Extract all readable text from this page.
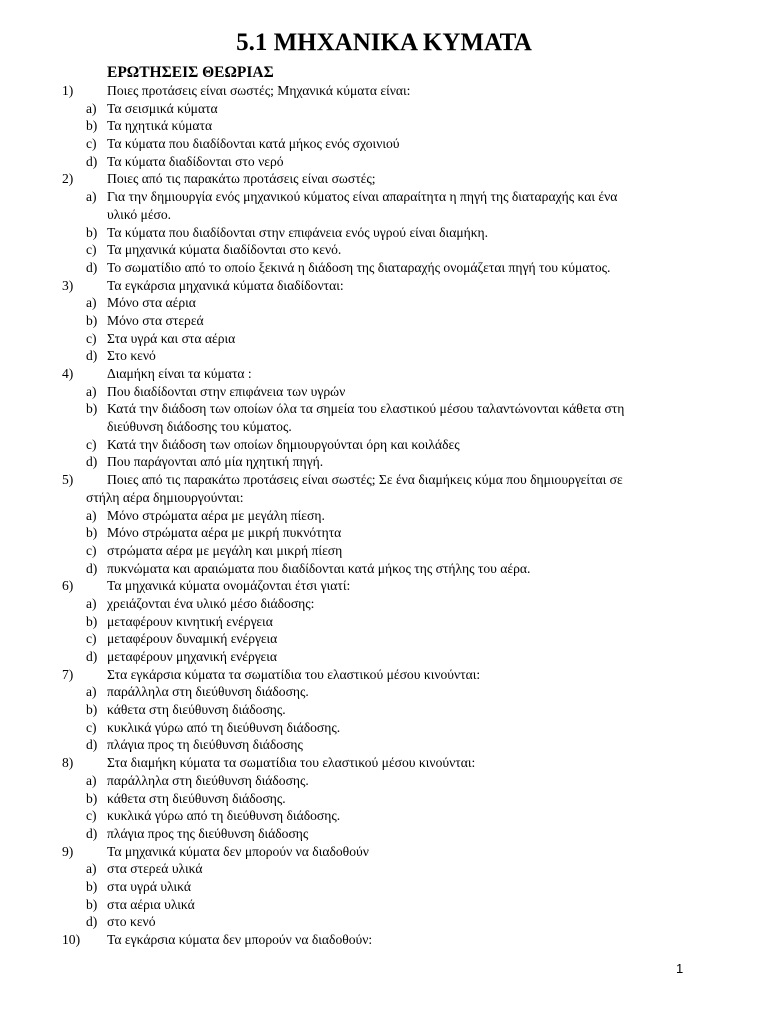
5.1 ΜΗΧΑΝΙΚΑ ΚΥΜΑΤΑ
ΕΡΩΤΗΣΕΙΣ ΘΕΩΡΙΑΣ
1) Ποιες προτάσεις είναι σωστές; Μηχανικά κύματα είναι:
a) Τα σεισμικά κύματα
b) Τα ηχητικά κύματα
c) Τα κύματα που διαδίδονται κατά μήκος ενός σχοινιού
d) Τα κύματα διαδίδονται στο νερό
2) Ποιες από τις παρακάτω προτάσεις είναι σωστές;
a) Για την δημιουργία ενός μηχανικού κύματος είναι απαραίτητα η πηγή της διαταραχής και ένα
υλικό μέσο.
b) Τα κύματα που διαδίδονται στην επιφάνεια ενός υγρού είναι διαμήκη.
c) Τα μηχανικά κύματα διαδίδονται στο κενό.
d) Το σωματίδιο από το οποίο ξεκινά η διάδοση της διαταραχής ονομάζεται πηγή του κύματος.
3) Τα εγκάρσια μηχανικά κύματα διαδίδονται:
a) Μόνο στα αέρια
b) Μόνο στα στερεά
c) Στα υγρά και στα αέρια
d) Στο κενό
4) Διαμήκη είναι τα κύματα :
a) Που διαδίδονται στην επιφάνεια των υγρών
b) Κατά την διάδοση των οποίων όλα τα σημεία του ελαστικού μέσου ταλαντώνονται κάθετα στη
διεύθυνση διάδοσης του κύματος.
c) Κατά την διάδοση των οποίων δημιουργούνται όρη και κοιλάδες
d) Που παράγονται από μία ηχητική πηγή.
5) Ποιες από τις παρακάτω προτάσεις είναι σωστές; Σε ένα διαμήκεις κύμα που δημιουργείται σε
στήλη αέρα δημιουργούνται:
a) Μόνο στρώματα αέρα με μεγάλη πίεση.
b) Μόνο στρώματα αέρα με μικρή πυκνότητα
c) στρώματα αέρα με μεγάλη και μικρή πίεση
d) πυκνώματα και αραιώματα που διαδίδονται κατά μήκος της στήλης του αέρα.
6) Τα μηχανικά κύματα ονομάζονται έτσι γιατί:
a) χρειάζονται ένα υλικό μέσο διάδοσης:
b) μεταφέρουν κινητική ενέργεια
c) μεταφέρουν δυναμική ενέργεια
d) μεταφέρουν μηχανική ενέργεια
7) Στα εγκάρσια κύματα τα σωματίδια του ελαστικού μέσου κινούνται:
a) παράλληλα στη διεύθυνση διάδοσης.
b) κάθετα στη διεύθυνση διάδοσης.
c) κυκλικά γύρω από τη διεύθυνση διάδοσης.
d) πλάγια προς τη διεύθυνση διάδοσης
8) Στα διαμήκη κύματα τα σωματίδια του ελαστικού μέσου κινούνται:
a) παράλληλα στη διεύθυνση διάδοσης.
b) κάθετα στη διεύθυνση διάδοσης.
c) κυκλικά γύρω από τη διεύθυνση διάδοσης.
d) πλάγια προς της διεύθυνση διάδοσης
9) Τα μηχανικά κύματα δεν μπορούν να διαδοθούν
a) στα στερεά υλικά
b) στα υγρά υλικά
b) στα αέρια υλικά
d) στο κενό
10) Τα εγκάρσια κύματα δεν μπορούν να διαδοθούν:
1
